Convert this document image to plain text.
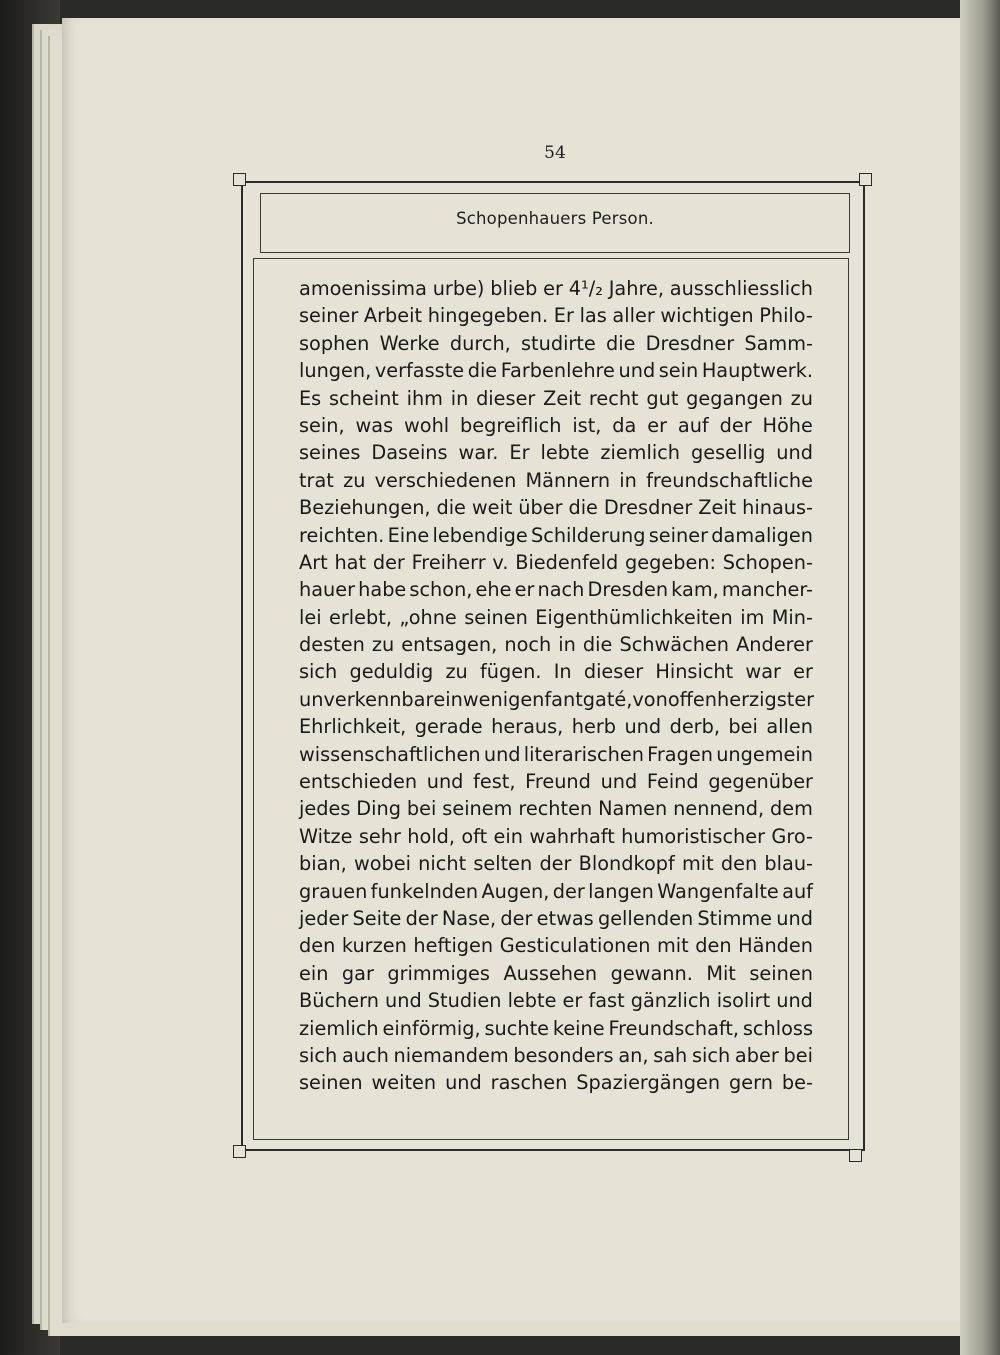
54
Schopenhauers Person.
amoenissima urbe) blieb er 4¹/₂ Jahre, ausschliesslich
seiner Arbeit hingegeben. Er las aller wichtigen Philo-
sophen Werke durch, studirte die Dresdner Samm-
lungen, verfasste die Farbenlehre und sein Hauptwerk.
Es scheint ihm in dieser Zeit recht gut gegangen zu
sein, was wohl begreiflich ist, da er auf der Höhe
seines Daseins war. Er lebte ziemlich gesellig und
trat zu verschiedenen Männern in freundschaftliche
Beziehungen, die weit über die Dresdner Zeit hinaus-
reichten. Eine lebendige Schilderung seiner damaligen
Art hat der Freiherr v. Biedenfeld gegeben: Schopen-
hauer habe schon, ehe er nach Dresden kam, mancher-
lei erlebt, „ohne seinen Eigenthümlichkeiten im Min-
desten zu entsagen, noch in die Schwächen Anderer
sich geduldig zu fügen. In dieser Hinsicht war er
unverkennbar ein wenig enfant gaté, von offenherzigster
Ehrlichkeit, gerade heraus, herb und derb, bei allen
wissenschaftlichen und literarischen Fragen ungemein
entschieden und fest, Freund und Feind gegenüber
jedes Ding bei seinem rechten Namen nennend, dem
Witze sehr hold, oft ein wahrhaft humoristischer Gro-
bian, wobei nicht selten der Blondkopf mit den blau-
grauen funkelnden Augen, der langen Wangenfalte auf
jeder Seite der Nase, der etwas gellenden Stimme und
den kurzen heftigen Gesticulationen mit den Händen
ein gar grimmiges Aussehen gewann. Mit seinen
Büchern und Studien lebte er fast gänzlich isolirt und
ziemlich einförmig, suchte keine Freundschaft, schloss
sich auch niemandem besonders an, sah sich aber bei
seinen weiten und raschen Spaziergängen gern be-
